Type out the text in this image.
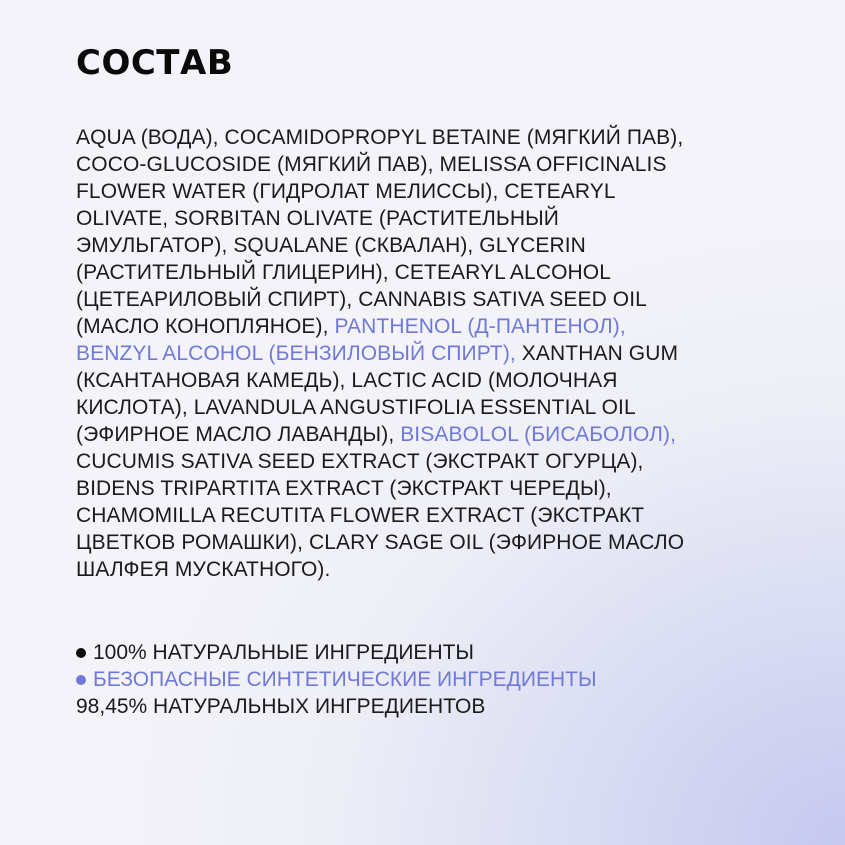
СОСТАВ

AQUA (ВОДА), COCAMIDOPROPYL BETAINE (МЯГКИЙ ПАВ), COCO-GLUCOSIDE (МЯГКИЙ ПАВ), MELISSA OFFICINALIS FLOWER WATER (ГИДРОЛАТ МЕЛИССЫ), CETEARYL OLIVATE, SORBITAN OLIVATE (РАСТИТЕЛЬНЫЙ ЭМУЛЬГАТОР), SQUALANE (СКВАЛАН), GLYCERIN (РАСТИТЕЛЬНЫЙ ГЛИЦЕРИН), CETEARYL ALCOHOL (ЦЕТЕАРИЛОВЫЙ СПИРТ), CANNABIS SATIVA SEED OIL (МАСЛО КОНОПЛЯНОЕ), PANTHENOL (Д-ПАНТЕНОЛ), BENZYL ALCOHOL (БЕНЗИЛОВЫЙ СПИРТ), XANTHAN GUM (КСАНТАНОВАЯ КАМЕДЬ), LACTIC ACID (МОЛОЧНАЯ КИСЛОТА), LAVANDULA ANGUSTIFOLIA ESSENTIAL OIL (ЭФИРНОЕ МАСЛО ЛАВАНДЫ), BISABOLOL (БИСАБОЛОЛ), CUCUMIS SATIVA SEED EXTRACT (ЭКСТРАКТ ОГУРЦА), BIDENS TRIPARTITA EXTRACT (ЭКСТРАКТ ЧЕРЕДЫ), CHAMOMILLA RECUTITA FLOWER EXTRACT (ЭКСТРАКТ ЦВЕТКОВ РОМАШКИ), CLARY SAGE OIL (ЭФИРНОЕ МАСЛО ШАЛФЕЯ МУСКАТНОГО).

100% НАТУРАЛЬНЫЕ ИНГРЕДИЕНТЫ
БЕЗОПАСНЫЕ СИНТЕТИЧЕСКИЕ ИНГРЕДИЕНТЫ
98,45% НАТУРАЛЬНЫХ ИНГРЕДИЕНТОВ
